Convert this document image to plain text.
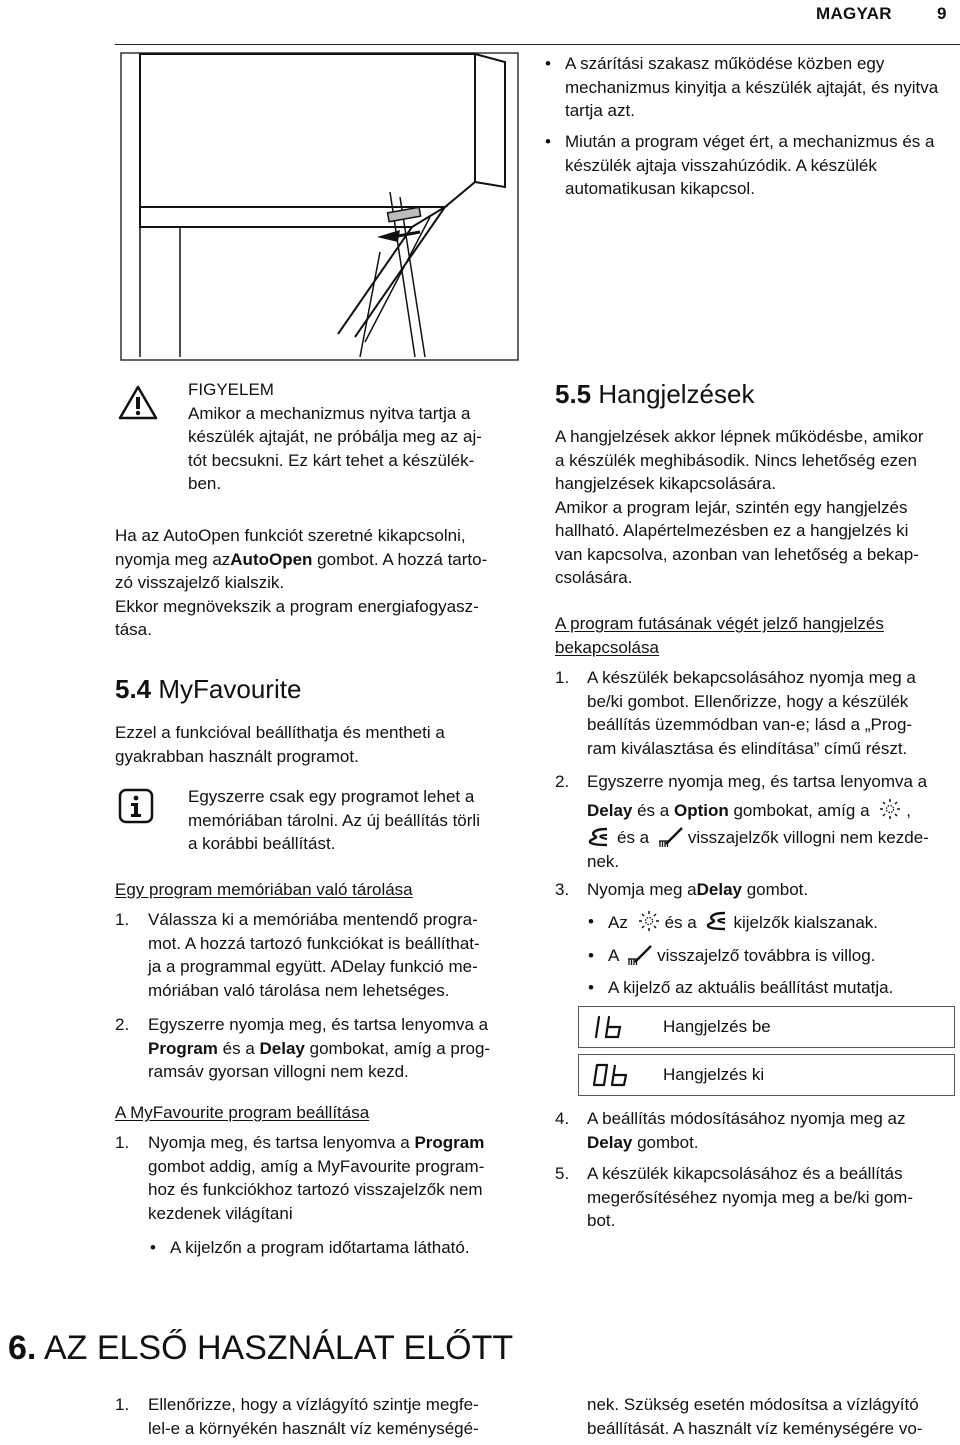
MAGYAR	9
• A szárítási szakasz működése közben egy mechanizmus kinyitja a készülék ajtaját, és nyitva tartja azt.
• Miután a program véget ért, a mechanizmus és a készülék ajtaja visszahúzódik. A készülék automatikusan kikapcsol.
FIGYELEM
Amikor a mechanizmus nyitva tartja a
készülék ajtaját, ne próbálja meg az aj-
tót becsukni. Ez kárt tehet a készülék-
ben.
Ha az AutoOpen funkciót szeretné kikapcsolni,
nyomja meg azAutoOpen gombot. A hozzá tarto-
zó visszajelző kialszik.
Ekkor megnövekszik a program energiafogyasz-
tása.
5.4 MyFavourite
Ezzel a funkcióval beállíthatja és mentheti a
gyakrabban használt programot.
Egyszerre csak egy programot lehet a
memóriában tárolni. Az új beállítás törli
a korábbi beállítást.
Egy program memóriában való tárolása
1. Válassza ki a memóriába mentendő progra-
mot. A hozzá tartozó funkciókat is beállíthat-
ja a programmal együtt. ADelay funkció me-
móriában való tárolása nem lehetséges.
2. Egyszerre nyomja meg, és tartsa lenyomva a
Program és a Delay gombokat, amíg a prog-
ramsáv gyorsan villogni nem kezd.
A MyFavourite program beállítása
1. Nyomja meg, és tartsa lenyomva a Program
gombot addig, amíg a MyFavourite program-
hoz és funkciókhoz tartozó visszajelzők nem
kezdenek világítani
• A kijelzőn a program időtartama látható.
5.5 Hangjelzések
A hangjelzések akkor lépnek működésbe, amikor
a készülék meghibásodik. Nincs lehetőség ezen
hangjelzések kikapcsolására.
Amikor a program lejár, szintén egy hangjelzés
hallható. Alapértelmezésben ez a hangjelzés ki
van kapcsolva, azonban van lehetőség a bekap-
csolására.
A program futásának végét jelző hangjelzés
bekapcsolása
1. A készülék bekapcsolásához nyomja meg a
be/ki gombot. Ellenőrizze, hogy a készülék
beállítás üzemmódban van-e; lásd a „Prog-
ram kiválasztása és elindítása” című részt.
2. Egyszerre nyomja meg, és tartsa lenyomva a
Delay és a Option gombokat, amíg a ,
és a visszajelzők villogni nem kezde-
nek.
3. Nyomja meg aDelay gombot.
• Az és a kijelzők kialszanak.
• A visszajelző továbbra is villog.
• A kijelző az aktuális beállítást mutatja.
Hangjelzés be
Hangjelzés ki
4. A beállítás módosításához nyomja meg az
Delay gombot.
5. A készülék kikapcsolásához és a beállítás
megerősítéséhez nyomja meg a be/ki gom-
bot.
6. AZ ELSŐ HASZNÁLAT ELŐTT
1. Ellenőrizze, hogy a vízlágyító szintje megfe-
lel-e a környékén használt víz keménységé-
nek. Szükség esetén módosítsa a vízlágyító
beállítását. A használt víz keménységére vo-
